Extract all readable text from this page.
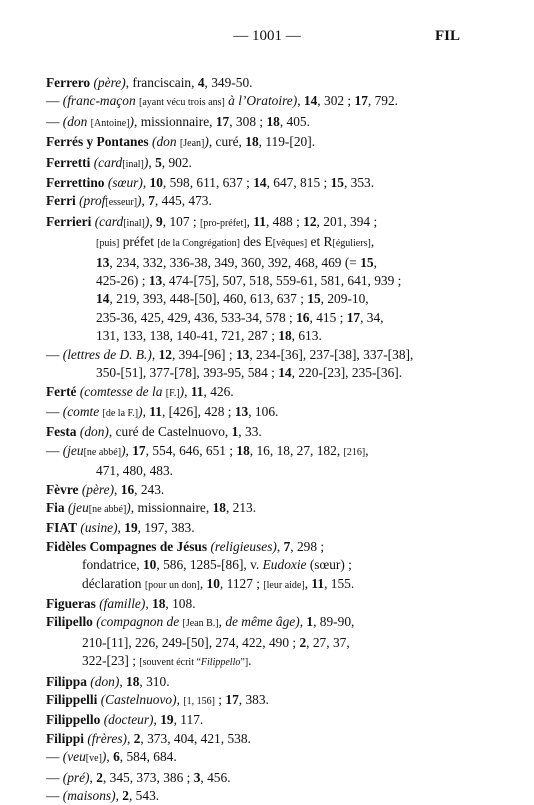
— 1001 —	FIL
Ferrero (père), franciscain, 4, 349-50.
— (franc-maçon [ayant vécu trois ans] à l’Oratoire), 14, 302 ; 17, 792.
— (don [Antoine]), missionnaire, 17, 308 ; 18, 405.
Ferrés y Pontanes (don [Jean]), curé, 18, 119-[20].
Ferretti (card[inal]), 5, 902.
Ferrettino (sœur), 10, 598, 611, 637 ; 14, 647, 815 ; 15, 353.
Ferri (prof[esseur]), 7, 445, 473.
Ferrieri (card[inal]), 9, 107 ; [pro-préfet], 11, 488 ; 12, 201, 394 ;
[puis] préfet [de la Congrégation] des E[vêques] et R[éguliers],
13, 234, 332, 336-38, 349, 360, 392, 468, 469 (= 15,
425-26) ; 13, 474-[75], 507, 518, 559-61, 581, 641, 939 ;
14, 219, 393, 448-[50], 460, 613, 637 ; 15, 209-10,
235-36, 425, 429, 436, 533-34, 578 ; 16, 415 ; 17, 34,
131, 133, 138, 140-41, 721, 287 ; 18, 613.
— (lettres de D. B.), 12, 394-[96] ; 13, 234-[36], 237-[38], 337-[38],
350-[51], 377-[78], 393-95, 584 ; 14, 220-[23], 235-[36].
Ferté (comtesse de la [F.]), 11, 426.
— (comte [de la F.]), 11, [426], 428 ; 13, 106.
Festa (don), curé de Castelnuovo, 1, 33.
— (jeu[ne abbé]), 17, 554, 646, 651 ; 18, 16, 18, 27, 182, [216],
471, 480, 483.
Fèvre (père), 16, 243.
Fia (jeu[ne abbé]), missionnaire, 18, 213.
FIAT (usine), 19, 197, 383.
Fidèles Compagnes de Jésus (religieuses), 7, 298 ;
fondatrice, 10, 586, 1285-[86], v. Eudoxie (sœur) ;
déclaration [pour un don], 10, 1127 ; [leur aide], 11, 155.
Figueras (famille), 18, 108.
Filipello (compagnon de [Jean B.], de même âge), 1, 89-90,
210-[11], 226, 249-[50], 274, 422, 490 ; 2, 27, 37,
322-[23] ; [souvent écrit “Filippello”].
Filippa (don), 18, 310.
Filippelli (Castelnuovo), [1, 156] ; 17, 383.
Filippello (docteur), 19, 117.
Filippi (frères), 2, 373, 404, 421, 538.
— (veu[ve]), 6, 584, 684.
— (pré), 2, 345, 373, 386 ; 3, 456.
— (maisons), 2, 543.
